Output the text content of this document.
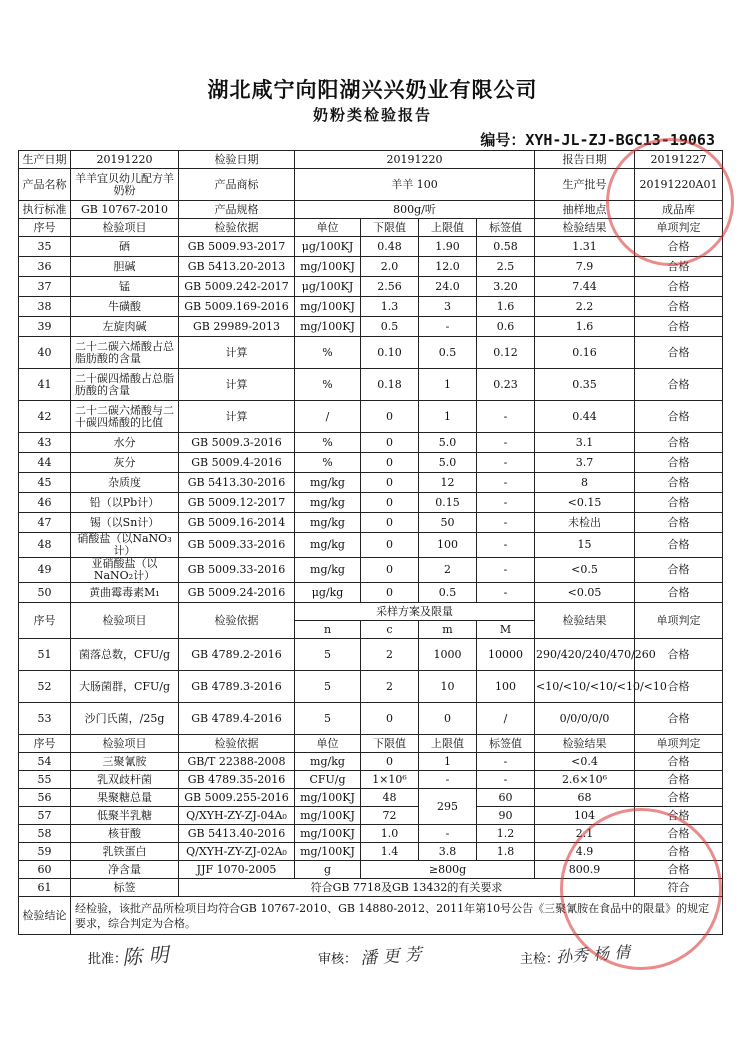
湖北咸宁向阳湖兴兴奶业有限公司
奶粉类检验报告
编号：XYH-JL-ZJ-BGC13-19063
生产日期	20191220	检验日期	20191220				报告日期	20191227
产品名称	羊羊宜贝幼儿配方羊奶粉	产品商标	羊羊 100				生产批号	20191220A01
执行标准	GB 10767-2010	产品规格	800g/听				抽样地点	成品库
序号	检验项目	检验依据	单位	下限值	上限值	标签值	检验结果	单项判定
35	硒	GB 5009.93-2017	μg/100KJ	0.48	1.90	0.58	1.31	合格
36	胆碱	GB 5413.20-2013	mg/100KJ	2.0	12.0	2.5	7.9	合格
37	锰	GB 5009.242-2017	μg/100KJ	2.56	24.0	3.20	7.44	合格
38	牛磺酸	GB 5009.169-2016	mg/100KJ	1.3	3	1.6	2.2	合格
39	左旋肉碱	GB 29989-2013	mg/100KJ	0.5	-	0.6	1.6	合格
40	二十二碳六烯酸占总脂肪酸的含量	计算	%	0.10	0.5	0.12	0.16	合格
41	二十碳四烯酸占总脂肪酸的含量	计算	%	0.18	1	0.23	0.35	合格
42	二十二碳六烯酸与二十碳四烯酸的比值	计算	/	0	1	-	0.44	合格
43	水分	GB 5009.3-2016	%	0	5.0	-	3.1	合格
44	灰分	GB 5009.4-2016	%	0	5.0	-	3.7	合格
45	杂质度	GB 5413.30-2016	mg/kg	0	12	-	8	合格
46	铅（以Pb计）	GB 5009.12-2017	mg/kg	0	0.15	-	<0.15	合格
47	锡（以Sn计）	GB 5009.16-2014	mg/kg	0	50	-	未检出	合格
48	硝酸盐（以NaNO₃计）	GB 5009.33-2016	mg/kg	0	100	-	15	合格
49	亚硝酸盐（以NaNO₂计）	GB 5009.33-2016	mg/kg	0	2	-	<0.5	合格
50	黄曲霉毒素M₁	GB 5009.24-2016	μg/kg	0	0.5	-	<0.05	合格
序号	检验项目	检验依据	采样方案及限量				检验结果	单项判定
			n	c	m	M		
51	菌落总数，CFU/g	GB 4789.2-2016	5	2	1000	10000	290/420/240/470/260	合格
52	大肠菌群，CFU/g	GB 4789.3-2016	5	2	10	100	<10/<10/<10/<10/<10	合格
53	沙门氏菌，/25g	GB 4789.4-2016	5	0	0	/	0/0/0/0/0	合格
序号	检验项目	检验依据	单位	下限值	上限值	标签值	检验结果	单项判定
54	三聚氰胺	GB/T 22388-2008	mg/kg	0	1	-	<0.4	合格
55	乳双歧杆菌	GB 4789.35-2016	CFU/g	1×10⁶	-	-	2.6×10⁶	合格
56	果聚糖总量	GB 5009.255-2016	mg/100KJ	48	295	60	68	合格
57	低聚半乳糖	Q/XYH-ZY-ZJ-04A₀	mg/100KJ	72		90	104	合格
58	核苷酸	GB 5413.40-2016	mg/100KJ	1.0	-	1.2	2.1	合格
59	乳铁蛋白	Q/XYH-ZY-ZJ-02A₀	mg/100KJ	1.4	3.8	1.8	4.9	合格
60	净含量	JJF 1070-2005	g	≥800g			800.9	合格
61	标签	符合GB 7718及GB 13432的有关要求						符合
检验结论	经检验，该批产品所检项目均符合GB 10767-2010、GB 14880-2012、2011年第10号公告《三聚氰胺在食品中的限量》的规定要求，综合判定为合格。							
批准：
陈 明	审核： 潘 更 芳	主检：
孙秀 杨 倩
